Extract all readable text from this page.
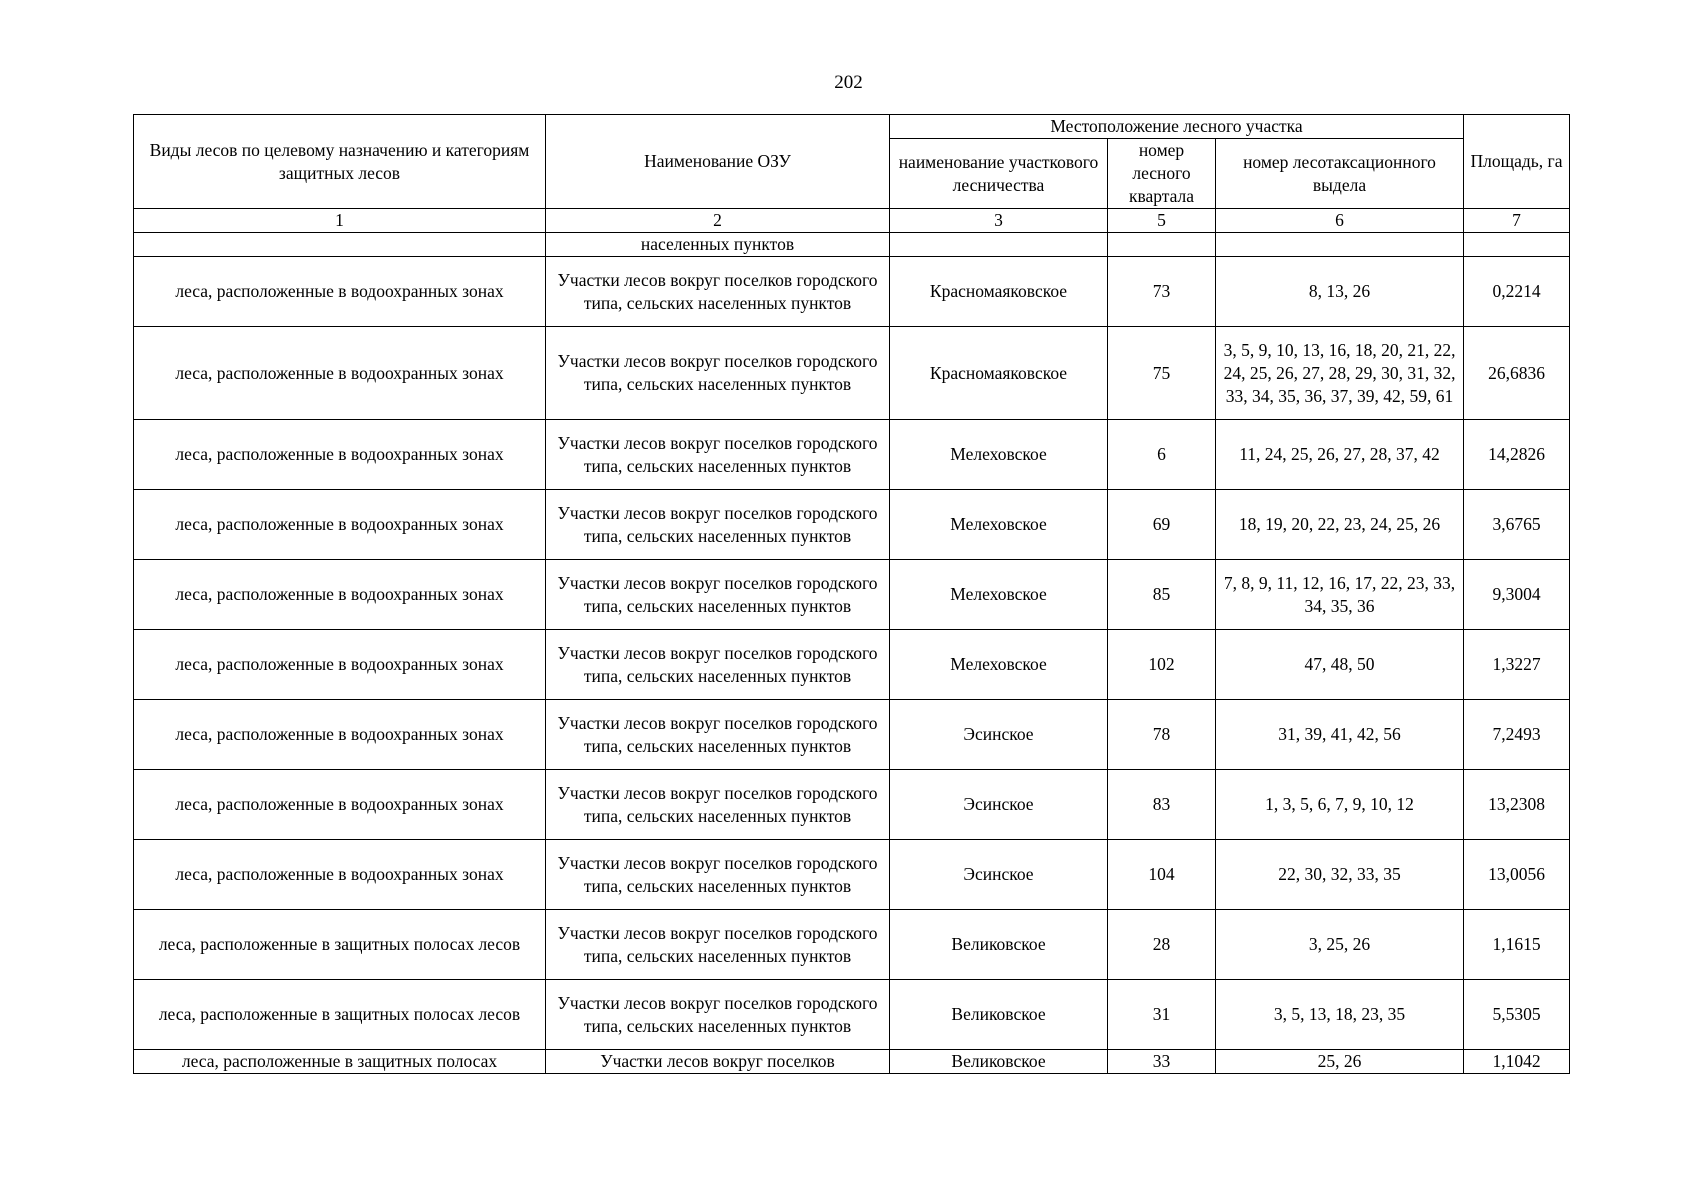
202
Виды лесов по целевому назначению и категориям защитных лесов	Наименование ОЗУ	Местоположение лесного участка			Площадь, га
		наименование участкового лесничества	номер лесного квартала	номер лесотаксационного выдела	
1	2	3	5	6	7
	населенных пунктов				
леса, расположенные в водоохранных зонах	Участки лесов вокруг поселков городского типа, сельских населенных пунктов	Красномаяковское	73	8, 13, 26	0,2214
леса, расположенные в водоохранных зонах	Участки лесов вокруг поселков городского типа, сельских населенных пунктов	Красномаяковское	75	3, 5, 9, 10, 13, 16, 18, 20, 21, 22, 24, 25, 26, 27, 28, 29, 30, 31, 32, 33, 34, 35, 36, 37, 39, 42, 59, 61	26,6836
леса, расположенные в водоохранных зонах	Участки лесов вокруг поселков городского типа, сельских населенных пунктов	Мелеховское	6	11, 24, 25, 26, 27, 28, 37, 42	14,2826
леса, расположенные в водоохранных зонах	Участки лесов вокруг поселков городского типа, сельских населенных пунктов	Мелеховское	69	18, 19, 20, 22, 23, 24, 25, 26	3,6765
леса, расположенные в водоохранных зонах	Участки лесов вокруг поселков городского типа, сельских населенных пунктов	Мелеховское	85	7, 8, 9, 11, 12, 16, 17, 22, 23, 33, 34, 35, 36	9,3004
леса, расположенные в водоохранных зонах	Участки лесов вокруг поселков городского типа, сельских населенных пунктов	Мелеховское	102	47, 48, 50	1,3227
леса, расположенные в водоохранных зонах	Участки лесов вокруг поселков городского типа, сельских населенных пунктов	Эсинское	78	31, 39, 41, 42, 56	7,2493
леса, расположенные в водоохранных зонах	Участки лесов вокруг поселков городского типа, сельских населенных пунктов	Эсинское	83	1, 3, 5, 6, 7, 9, 10, 12	13,2308
леса, расположенные в водоохранных зонах	Участки лесов вокруг поселков городского типа, сельских населенных пунктов	Эсинское	104	22, 30, 32, 33, 35	13,0056
леса, расположенные в защитных полосах лесов	Участки лесов вокруг поселков городского типа, сельских населенных пунктов	Великовское	28	3, 25, 26	1,1615
леса, расположенные в защитных полосах лесов	Участки лесов вокруг поселков городского типа, сельских населенных пунктов	Великовское	31	3, 5, 13, 18, 23, 35	5,5305
леса, расположенные в защитных полосах	Участки лесов вокруг поселков	Великовское	33	25, 26	1,1042
